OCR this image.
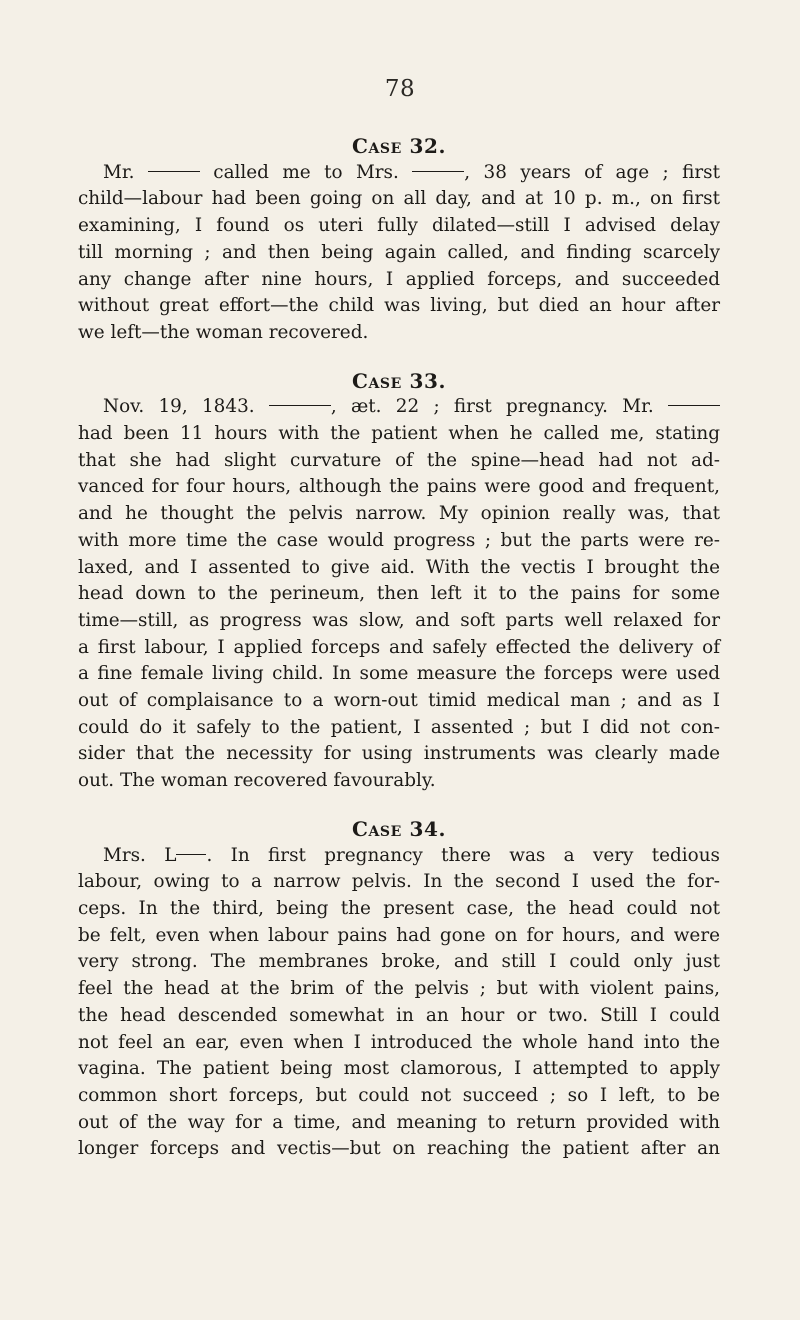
78
Case 32.

Mr.	called me to Mrs.	, 38 years of age ; first
child—labour had been going on all day, and at 10 p. m., on first
examining, I found os uteri fully dilated—still I advised delay
till morning ; and then being again called, and finding scarcely
any change after nine hours, I applied forceps, and succeeded
without great effort—the child was living, but died an hour after
we left—the woman recovered.

Case 33.

Nov. 19, 1843.	, æt. 22 ; first pregnancy. Mr.
had been 11 hours with the patient when he called me, stating
that she had slight curvature of the spine—head had not ad-
vanced for four hours, although the pains were good and frequent,
and he thought the pelvis narrow. My opinion really was, that
with more time the case would progress ; but the parts were re-
laxed, and I assented to give aid. With the vectis I brought the
head down to the perineum, then left it to the pains for some
time—still, as progress was slow, and soft parts well relaxed for
a first labour, I applied forceps and safely effected the delivery of
a fine female living child. In some measure the forceps were used
out of complaisance to a worn-out timid medical man ; and as I
could do it safely to the patient, I assented ; but I did not con-
sider that the necessity for using instruments was clearly made
out. The woman recovered favourably.

Case 34.

Mrs. L . In first pregnancy there was a very tedious
labour, owing to a narrow pelvis. In the second I used the for-
ceps. In the third, being the present case, the head could not
be felt, even when labour pains had gone on for hours, and were
very strong. The membranes broke, and still I could only just
feel the head at the brim of the pelvis ; but with violent pains,
the head descended somewhat in an hour or two. Still I could
not feel an ear, even when I introduced the whole hand into the
vagina. The patient being most clamorous, I attempted to apply
common short forceps, but could not succeed ; so I left, to be
out of the way for a time, and meaning to return provided with
longer forceps and vectis—but on reaching the patient after an
